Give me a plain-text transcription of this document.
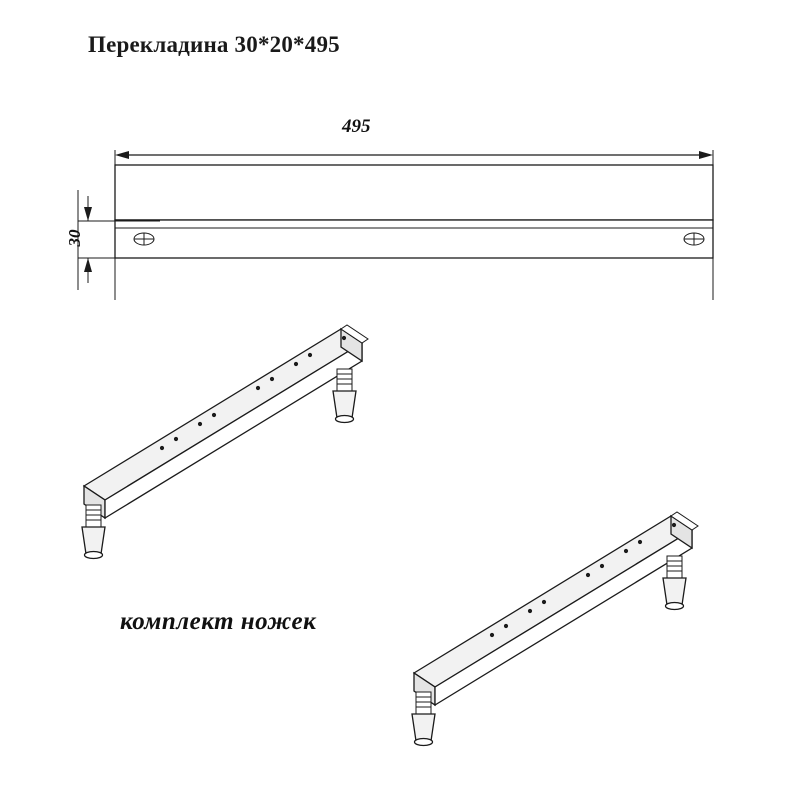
Перекладина 30*20*495
495
30
комплект ножек
